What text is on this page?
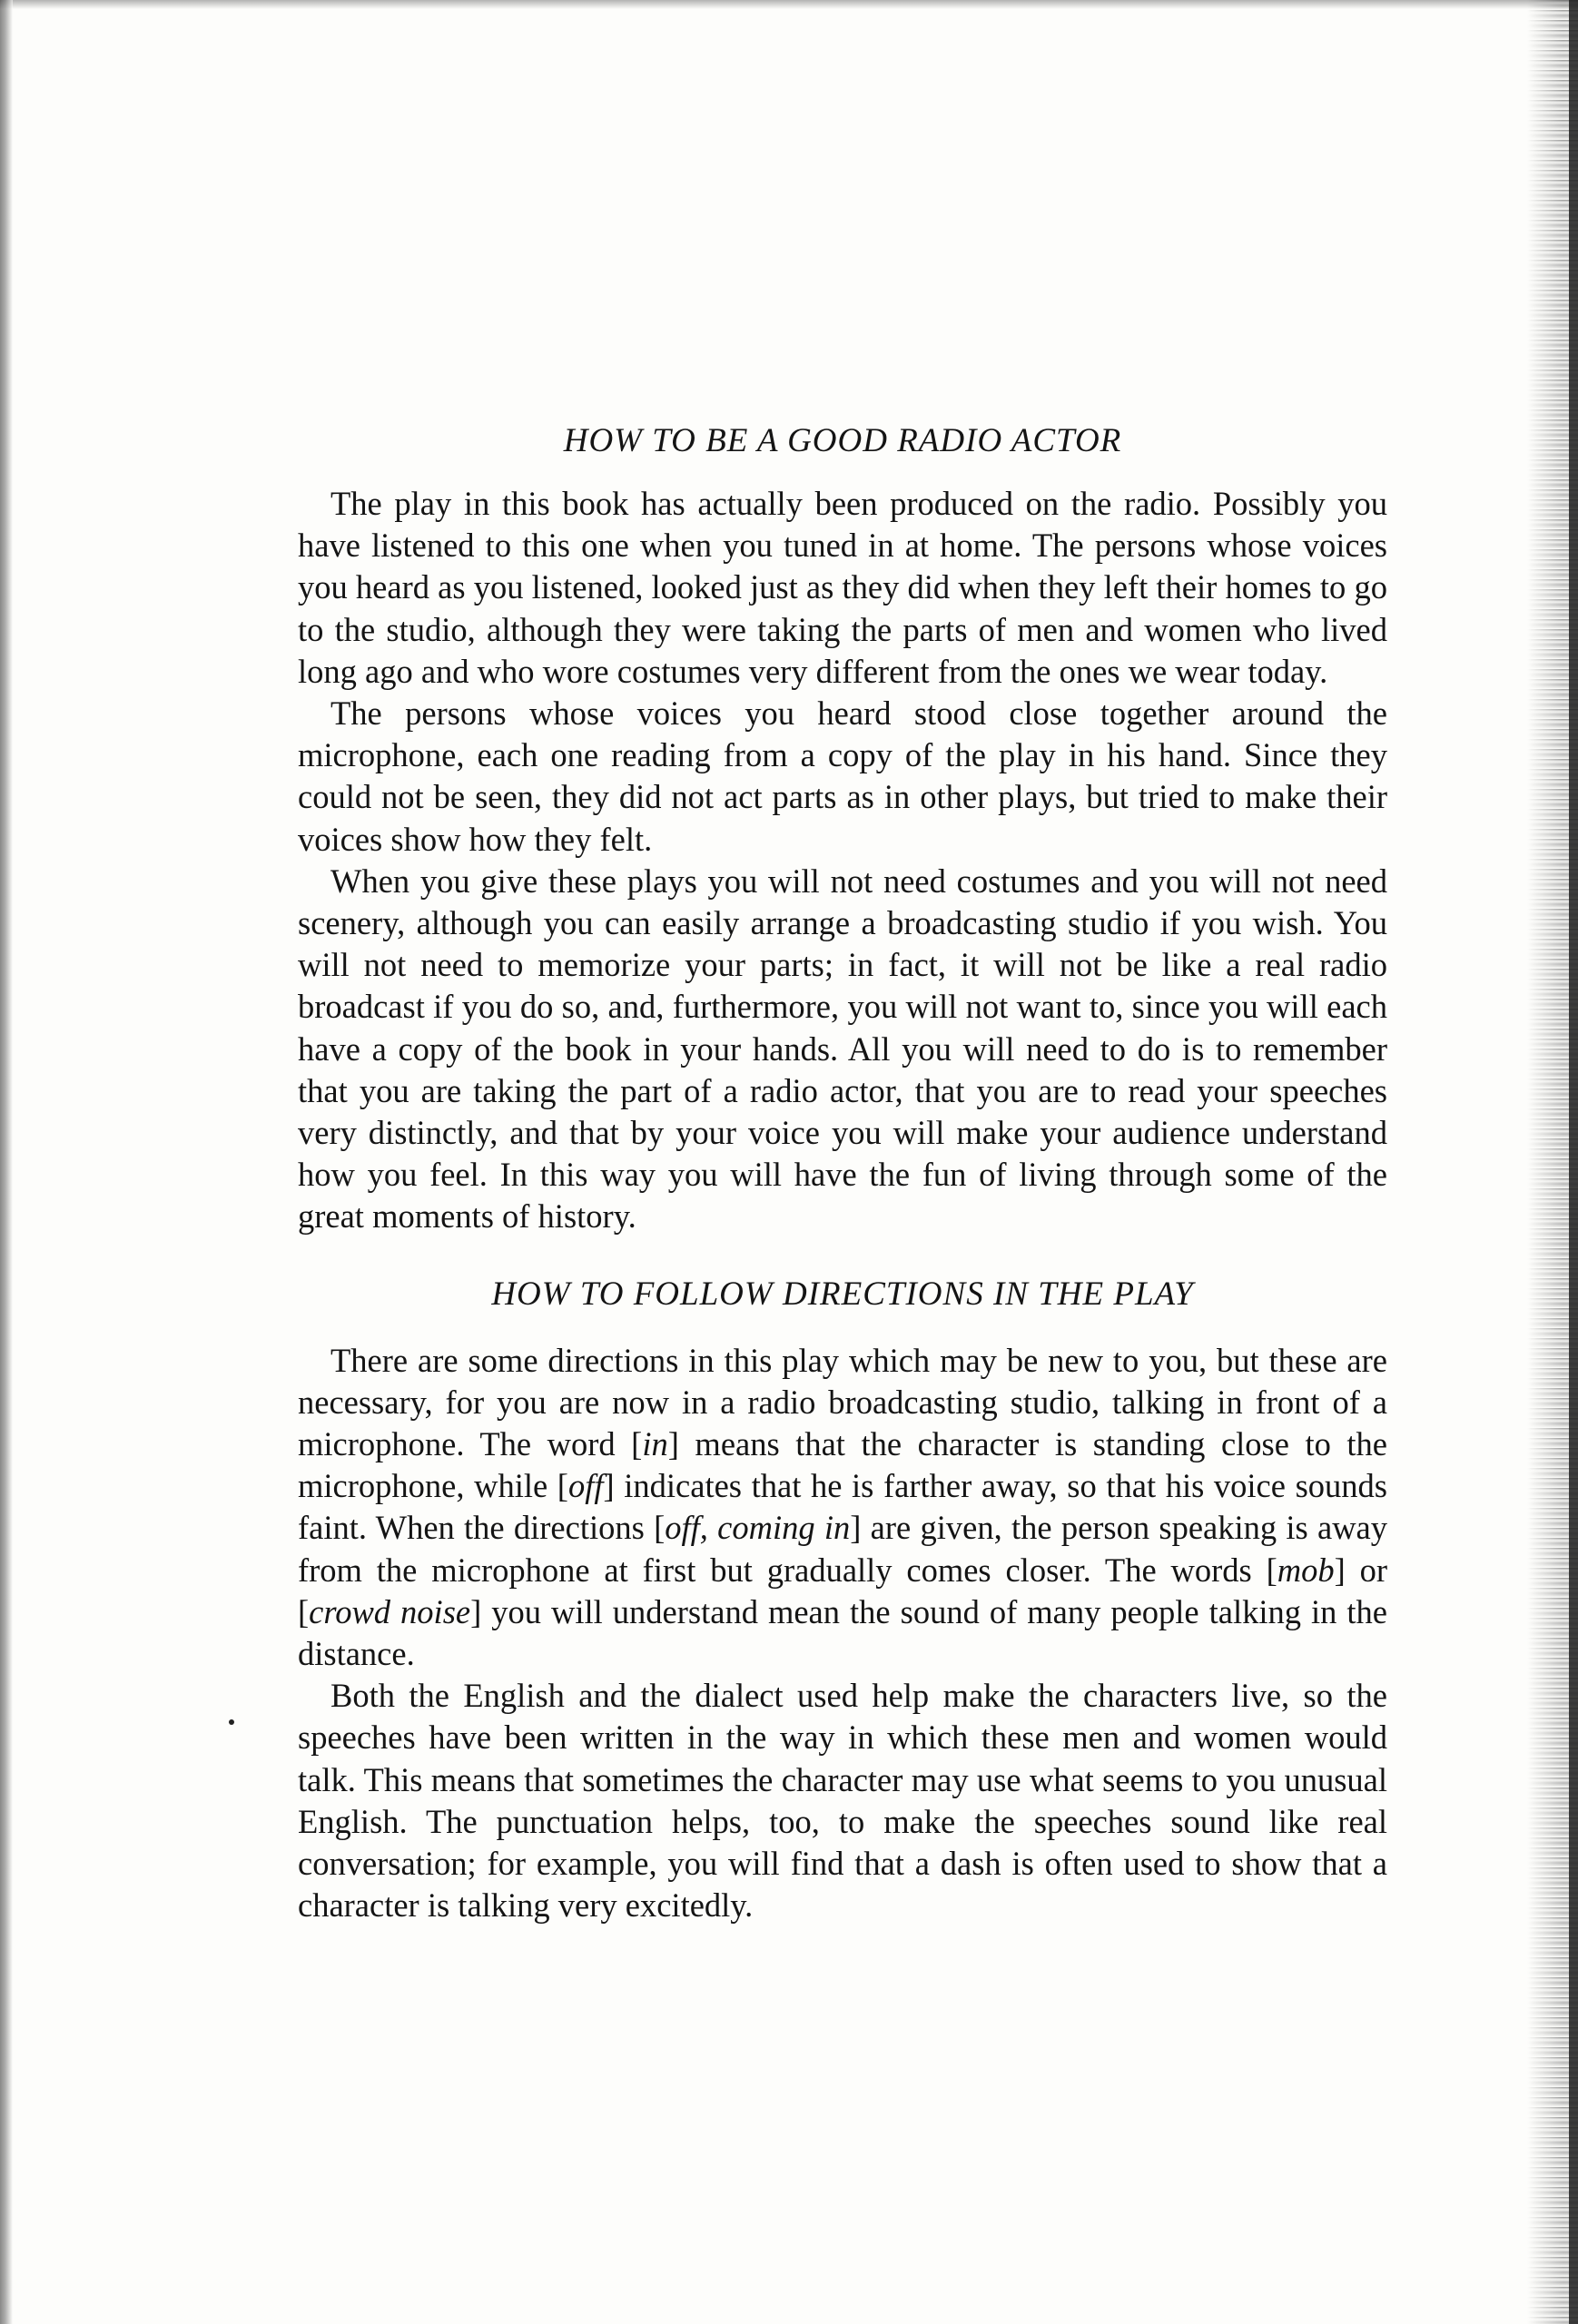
HOW TO BE A GOOD RADIO ACTOR

The play in this book has actually been produced on the radio. Possibly you have listened to this one when you tuned in at home. The persons whose voices you heard as you listened, looked just as they did when they left their homes to go to the studio, although they were taking the parts of men and women who lived long ago and who wore costumes very different from the ones we wear today.

The persons whose voices you heard stood close together around the microphone, each one reading from a copy of the play in his hand. Since they could not be seen, they did not act parts as in other plays, but tried to make their voices show how they felt.

When you give these plays you will not need costumes and you will not need scenery, although you can easily arrange a broadcasting studio if you wish. You will not need to memorize your parts; in fact, it will not be like a real radio broadcast if you do so, and, furthermore, you will not want to, since you will each have a copy of the book in your hands. All you will need to do is to remember that you are taking the part of a radio actor, that you are to read your speeches very distinctly, and that by your voice you will make your audience understand how you feel. In this way you will have the fun of living through some of the great moments of history.

HOW TO FOLLOW DIRECTIONS IN THE PLAY

There are some directions in this play which may be new to you, but these are necessary, for you are now in a radio broadcasting studio, talking in front of a microphone. The word [in] means that the character is standing close to the microphone, while [off] indicates that he is farther away, so that his voice sounds faint. When the directions [off, coming in] are given, the person speaking is away from the microphone at first but gradually comes closer. The words [mob] or [crowd noise] you will understand mean the sound of many people talking in the distance.

Both the English and the dialect used help make the characters live, so the speeches have been written in the way in which these men and women would talk. This means that sometimes the character may use what seems to you unusual English. The punctuation helps, too, to make the speeches sound like real conversation; for example, you will find that a dash is often used to show that a character is talking very excitedly.
